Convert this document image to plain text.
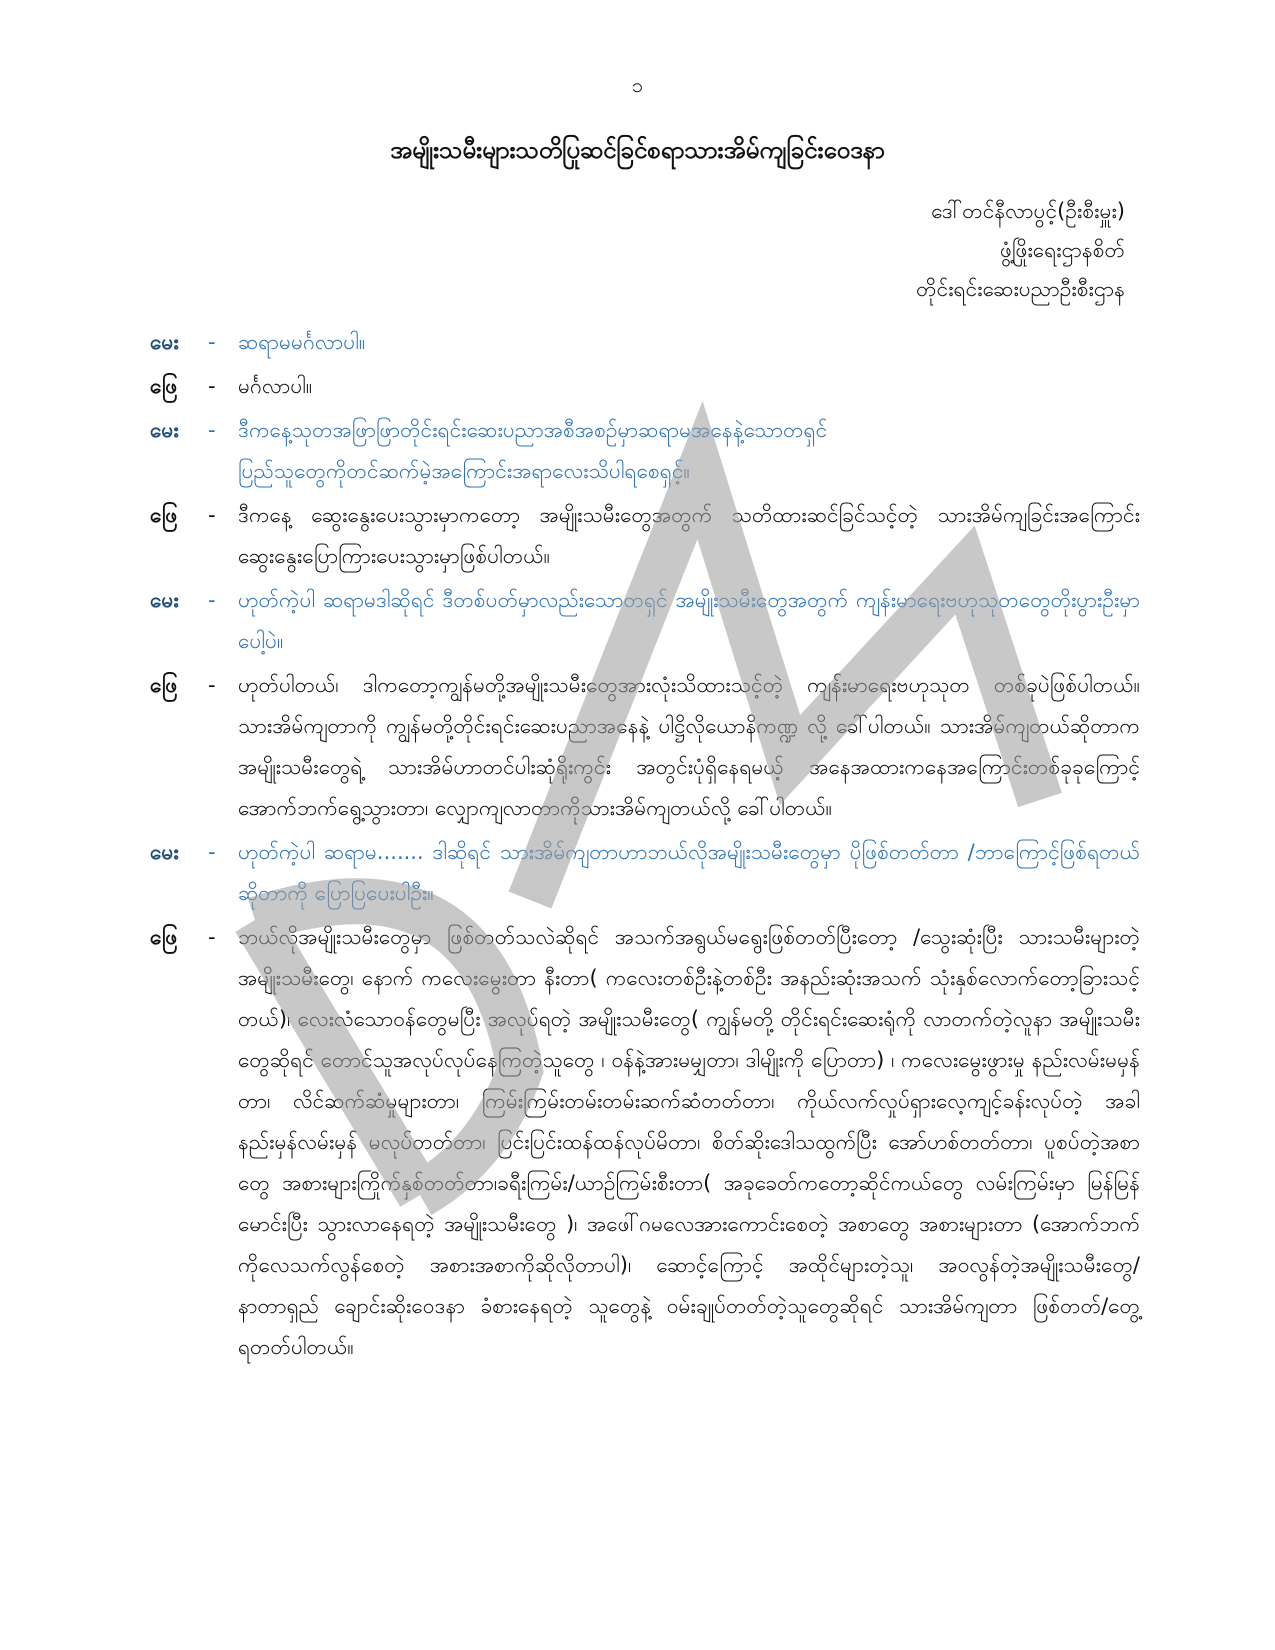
၁
အမျိုးသမီးများသတိပြုဆင်ခြင်စရာသားအိမ်ကျခြင်းဝေဒနာ
ဒေါ်တင်နီလာပွင့်(ဦးစီးမှူး)
ဖွံ့ဖြိုးရေးဌာနစိတ်
တိုင်းရင်းဆေးပညာဦးစီးဌာန
မေး	-	ဆရာမမင်္ဂလာပါ။
ဖြေ	-	မင်္ဂလာပါ။
မေး	-	ဒီကနေ့သုတအဖြာဖြာတိုင်းရင်းဆေးပညာအစီအစဉ်မှာဆရာမအနေနဲ့သောတရှင်
ပြည်သူတွေကိုတင်ဆက်မဲ့အကြောင်းအရာလေးသိပါရစေရှင့်။
ဖြေ	-	ဒီကနေ့ ဆွေးနွေးပေးသွားမှာကတော့ အမျိုးသမီးတွေအတွက် သတိထားဆင်ခြင်သင့်တဲ့ သားအိမ်ကျခြင်းအကြောင်းဆွေးနွေးပြောကြားပေးသွားမှာဖြစ်ပါတယ်။
မေး	-	ဟုတ်ကဲ့ပါ ဆရာမဒါဆိုရင် ဒီတစ်ပတ်မှာလည်းသောတရှင် အမျိုးသမီးတွေအတွက် ကျန်းမာရေးဗဟုသုတတွေတိုးပွားဦးမှာပေါ့ပဲ။
ဖြေ	-	ဟုတ်ပါတယ်၊ ဒါကတော့ကျွန်မတို့အမျိုးသမီးတွေအားလုံးသိထားသင့်တဲ့ ကျန်းမာရေးဗဟုသုတ တစ်ခုပဲဖြစ်ပါတယ်။သားအိမ်ကျတာကို ကျွန်မတို့တိုင်းရင်းဆေးပညာအနေနဲ့ ပါဋ္ဌိလိုယောနိကဏ္ဍ လို့ ခေါ်ပါတယ်။ သားအိမ်ကျတယ်ဆိုတာကအမျိုးသမီးတွေရဲ့ သားအိမ်ဟာတင်ပါးဆုံရိုးကွင်း အတွင်းပုံရှိနေရမယ့် အနေအထားကနေအကြောင်းတစ်ခုခုကြောင့် အောက်ဘက်ရွေ့သွားတာ၊ လျှောကျလာတာကိုသားအိမ်ကျတယ်လို့ ခေါ်ပါတယ်။
မေး	-	ဟုတ်ကဲ့ပါ ဆရာမ....... ဒါဆိုရင် သားအိမ်ကျတာဟာဘယ်လိုအမျိုးသမီးတွေမှာ ပိုဖြစ်တတ်တာ /ဘာကြောင့်ဖြစ်ရတယ်ဆိုတာကို ပြောပြပေးပါဦး။
ဖြေ	-	ဘယ်လိုအမျိုးသမီးတွေမှာ ဖြစ်တတ်သလဲဆိုရင် အသက်အရွယ်မရွေးဖြစ်တတ်ပြီးတော့ /သွေးဆုံးပြီး သားသမီးများတဲ့ အမျိုးသမီးတွေ၊ နောက် ကလေးမွေးတာ နီးတာ( ကလေးတစ်ဦးနဲ့တစ်ဦး အနည်းဆုံးအသက် သုံးနှစ်လောက်တော့ခြားသင့်တယ်)၊ လေးလံသောဝန်တွေမပြီး အလုပ်ရတဲ့ အမျိုးသမီးတွေ( ကျွန်မတို့ တိုင်းရင်းဆေးရုံကို လာတက်တဲ့လူနာ အမျိုးသမီးတွေဆိုရင် တောင်သူအလုပ်လုပ်နေကြတဲ့သူတွေ ၊ ဝန်နဲ့အားမမျှတာ၊ ဒါမျိုးကို ပြောတာ) ၊ ကလေးမွေးဖွားမှု နည်းလမ်းမမှန်တာ၊ လိင်ဆက်ဆံမှုများတာ၊ ကြမ်းကြမ်းတမ်းတမ်းဆက်ဆံတတ်တာ၊ ကိုယ်လက်လှုပ်ရှားလေ့ကျင့်ခန်းလုပ်တဲ့ အခါ နည်းမှန်လမ်းမှန် မလုပ်တတ်တာ၊ ပြင်းပြင်းထန်ထန်လုပ်မိတာ၊ စိတ်ဆိုးဒေါသထွက်ပြီး အော်ဟစ်တတ်တာ၊ ပူစပ်တဲ့အစာတွေ အစားများကြိုက်နှစ်တတ်တာ၊ခရီးကြမ်း/ယာဉ်ကြမ်းစီးတာ( အခုခေတ်ကတော့ဆိုင်ကယ်တွေ လမ်းကြမ်းမှာ မြန်မြန်မောင်းပြီး သွားလာနေရတဲ့ အမျိုးသမီးတွေ )၊ အဖေါ်ဂမလေအားကောင်းစေတဲ့ အစာတွေ အစားများတာ (အောက်ဘက်ကိုလေသက်လွန်စေတဲ့ အစားအစာကိုဆိုလိုတာပါ)၊ ဆောင့်ကြောင့် အထိုင်များတဲ့သူ၊ အဝလွန်တဲ့အမျိုးသမီးတွေ/ နာတာရှည် ချောင်းဆိုးဝေဒနာ ခံစားနေရတဲ့ သူတွေနဲ့ ဝမ်းချုပ်တတ်တဲ့သူတွေဆိုရင် သားအိမ်ကျတာ ဖြစ်တတ်/တွေ့ရတတ်ပါတယ်။
